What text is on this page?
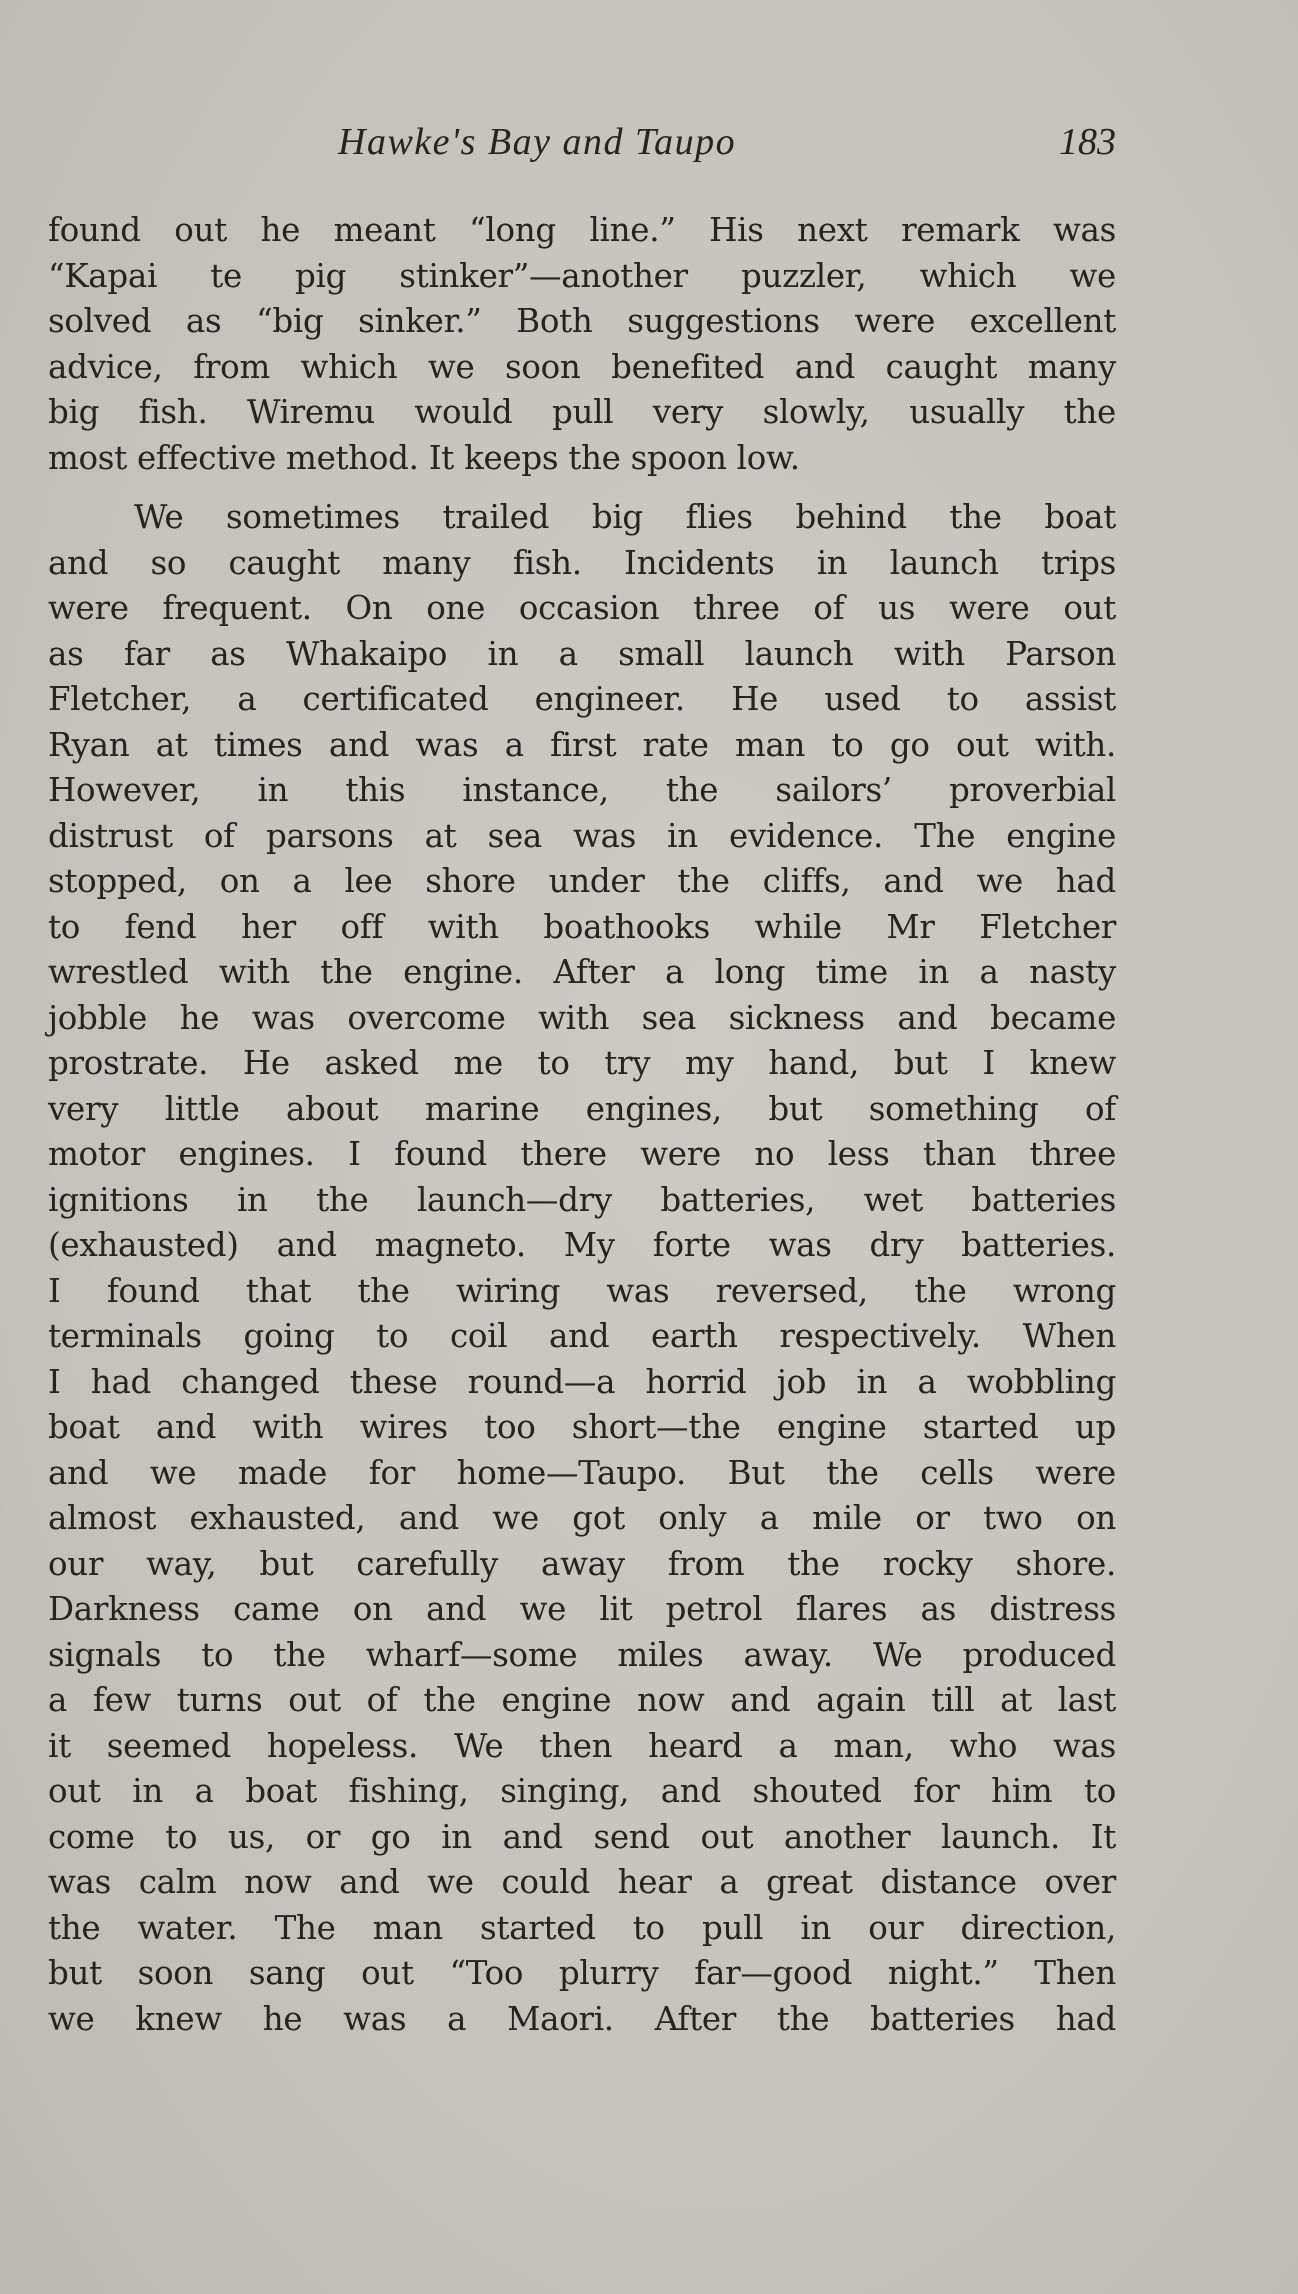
Hawke's Bay and Taupo	183
found out he meant “long line.” His next remark was
“Kapai te pig stinker”—another puzzler, which we
solved as “big sinker.” Both suggestions were excellent
advice, from which we soon benefited and caught many
big fish. Wiremu would pull very slowly, usually the
most effective method. It keeps the spoon low.
We sometimes trailed big flies behind the boat
and so caught many fish. Incidents in launch trips
were frequent. On one occasion three of us were out
as far as Whakaipo in a small launch with Parson
Fletcher, a certificated engineer. He used to assist
Ryan at times and was a first rate man to go out with.
However, in this instance, the sailors’ proverbial
distrust of parsons at sea was in evidence. The engine
stopped, on a lee shore under the cliffs, and we had
to fend her off with boathooks while Mr Fletcher
wrestled with the engine. After a long time in a nasty
jobble he was overcome with sea sickness and became
prostrate. He asked me to try my hand, but I knew
very little about marine engines, but something of
motor engines. I found there were no less than three
ignitions in the launch—dry batteries, wet batteries
(exhausted) and magneto. My forte was dry batteries.
I found that the wiring was reversed, the wrong
terminals going to coil and earth respectively. When
I had changed these round—a horrid job in a wobbling
boat and with wires too short—the engine started up
and we made for home—Taupo. But the cells were
almost exhausted, and we got only a mile or two on
our way, but carefully away from the rocky shore.
Darkness came on and we lit petrol flares as distress
signals to the wharf—some miles away. We produced
a few turns out of the engine now and again till at last
it seemed hopeless. We then heard a man, who was
out in a boat fishing, singing, and shouted for him to
come to us, or go in and send out another launch. It
was calm now and we could hear a great distance over
the water. The man started to pull in our direction,
but soon sang out “Too plurry far—good night.” Then
we knew he was a Maori. After the batteries had
